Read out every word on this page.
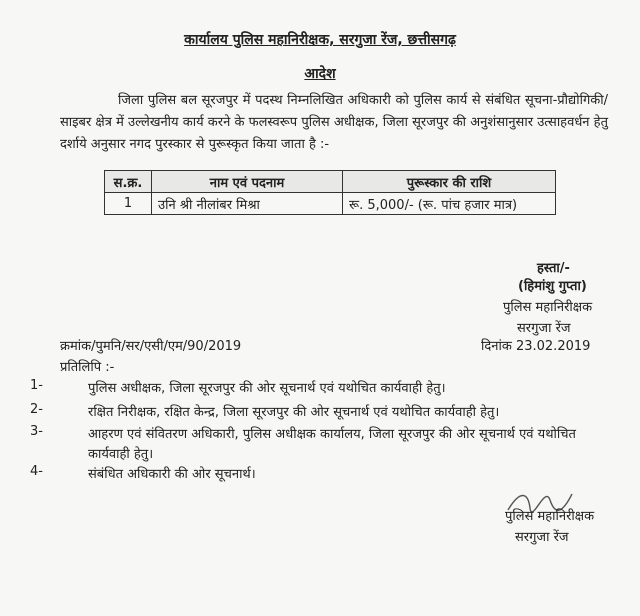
कार्यालय पुलिस महानिरीक्षक, सरगुजा रेंज, छत्तीसगढ़
आदेश
जिला पुलिस बल सूरजपुर में पदस्थ निम्नलिखित अधिकारी को पुलिस कार्य से संबंधित सूचना-प्रौद्योगिकी/साइबर क्षेत्र में उल्लेखनीय कार्य करने के फलस्वरूप पुलिस अधीक्षक, जिला सूरजपुर की अनुशंसानुसार उत्साहवर्धन हेतु दर्शाये अनुसार नगद पुरस्कार से पुरूस्कृत किया जाता है :-
स.क्र.	नाम एवं पदनाम	पुरूस्कार की राशि
1	उनि श्री नीलांबर मिश्रा	रू. 5,000/- (रू. पांच हजार मात्र)
हस्ता/-
(हिमांशु गुप्ता)
पुलिस महानिरीक्षक
सरगुजा रेंज
क्रमांक/पुमनि/सर/एसी/एम/90/2019	दिनांक 23.02.2019
प्रतिलिपि :-
1-	पुलिस अधीक्षक, जिला सूरजपुर की ओर सूचनार्थ एवं यथोचित कार्यवाही हेतु।
2-	रक्षित निरीक्षक, रक्षित केन्द्र, जिला सूरजपुर की ओर सूचनार्थ एवं यथोचित कार्यवाही हेतु।
3-	आहरण एवं संवितरण अधिकारी, पुलिस अधीक्षक कार्यालय, जिला सूरजपुर की ओर सूचनार्थ एवं यथोचित
कार्यवाही हेतु।
4-	संबंधित अधिकारी की ओर सूचनार्थ।
पुलिस महानिरीक्षक
सरगुजा रेंज
